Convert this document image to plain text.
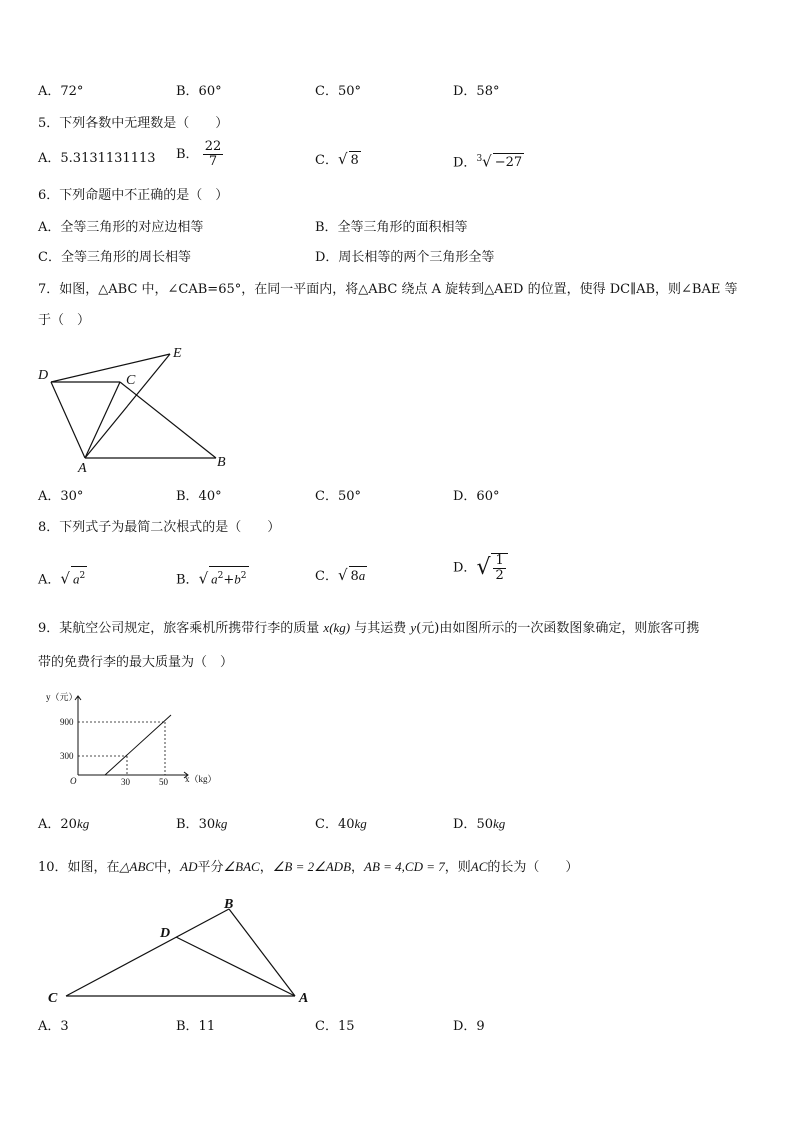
A．72°	B．60°	C．50°	D．58°
5．下列各数中无理数是（　　）
A．5.3131131113 B． $\frac{22}{7}$	C．√ 8	D．$^3$√ −27
6．下列命题中不正确的是（　）
A．全等三角形的对应边相等	B．全等三角形的面积相等
C．全等三角形的周长相等	D．周长相等的两个三角形全等
7．如图，△ABC 中，∠CAB=65°，在同一平面内，将△ABC 绕点 A 旋转到△AED 的位置，使得 DC∥AB，则∠BAE 等
于（　）
D	C
E
A	B
A．30°	B．40°	C．50°	D．60°
8．下列式子为最简二次根式的是（　　）
A．√ $a^2$	B．√ $a^2+b^2$	C．√ 8a	D．√ $\frac{1}{2}$
9．某航空公司规定，旅客乘机所携带行李的质量 x(kg) 与其运费 y(元)由如图所示的一次函数图象确定，则旅客可携
带的免费行李的最大质量为（　）
y（元）
x（kg）
O
900
300
30	50
A．20kg	B．30kg	C．40kg	D．50kg
10．如图，在△ABC中，AD平分∠BAC，∠B = 2∠ADB，AB = 4,CD = 7，则AC的长为（　　）
B
D
C	A
A．3	B．11	C．15	D．9
